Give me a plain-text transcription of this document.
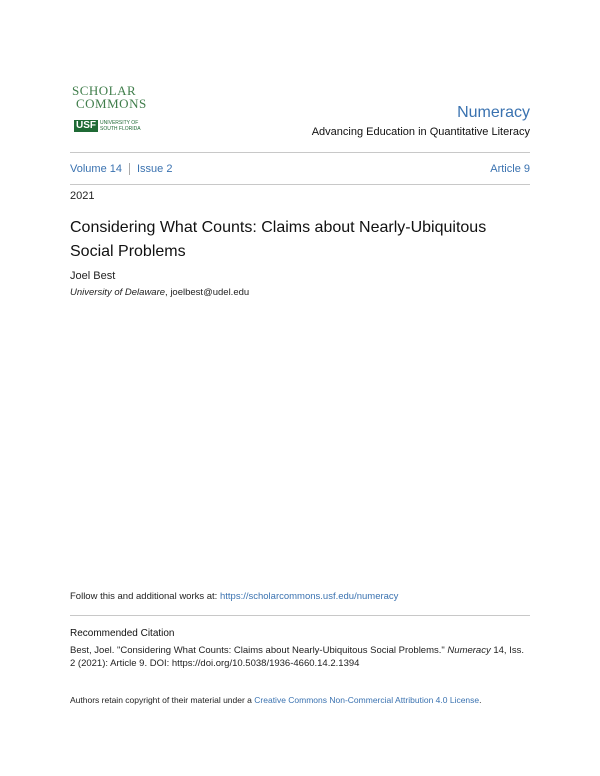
SCHOLAR
COMMONS
USF UNIVERSITY OF
SOUTH FLORIDA
Numeracy
Advancing Education in Quantitative Literacy
Volume 14 Issue 2	Article 9
2021
Considering What Counts: Claims about Nearly-Ubiquitous Social Problems
Joel Best
University of Delaware, joelbest@udel.edu
Follow this and additional works at: https://scholarcommons.usf.edu/numeracy
Recommended Citation
Best, Joel. "Considering What Counts: Claims about Nearly-Ubiquitous Social Problems." Numeracy 14, Iss. 2 (2021): Article 9. DOI: https://doi.org/10.5038/1936-4660.14.2.1394
Authors retain copyright of their material under a Creative Commons Non-Commercial Attribution 4.0 License.
